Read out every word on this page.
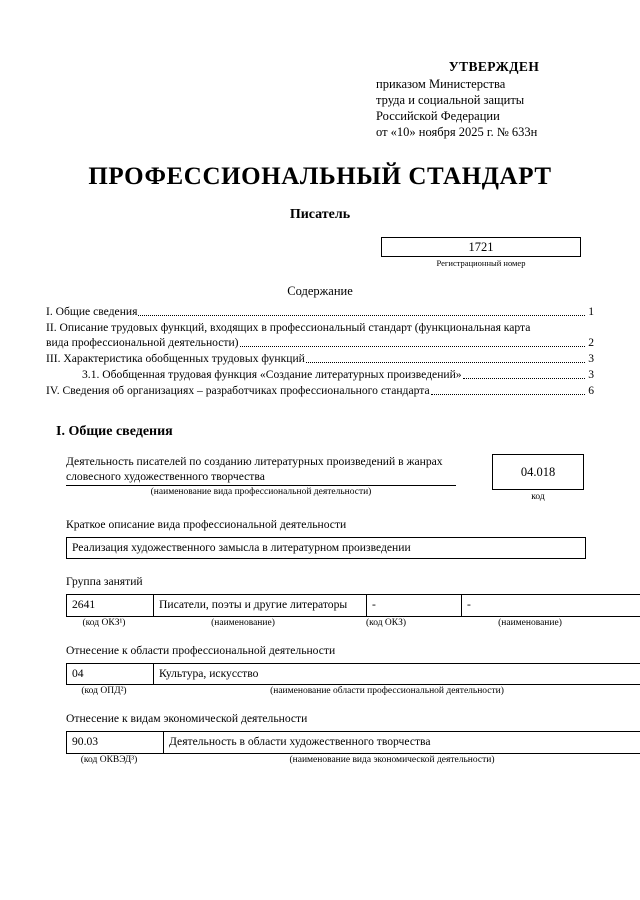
УТВЕРЖДЕН
приказом Министерства
труда и социальной защиты
Российской Федерации
от «10» ноября 2025 г. № 633н
ПРОФЕССИОНАЛЬНЫЙ СТАНДАРТ
Писатель
1721
Регистрационный номер
Содержание
I. Общие сведения	1
II. Описание трудовых функций, входящих в профессиональный стандарт (функциональная карта
вида профессиональной деятельности)	2
III. Характеристика обобщенных трудовых функций	3
3.1. Обобщенная трудовая функция «Создание литературных произведений»	3
IV. Сведения об организациях – разработчиках профессионального стандарта	6
I. Общие сведения
Деятельность писателей по созданию литературных произведений в жанрах словесного художественного творчества
(наименование вида профессиональной деятельности)
04.018
код
Краткое описание вида профессиональной деятельности
Реализация художественного замысла в литературном произведении
Группа занятий
2641	Писатели, поэты и другие литераторы	-	-
(код ОКЗ¹)	(наименование)	(код ОКЗ)	(наименование)
Отнесение к области профессиональной деятельности
04	Культура, искусство
(код ОПД²)	(наименование области профессиональной деятельности)
Отнесение к видам экономической деятельности
90.03	Деятельность в области художественного творчества
(код ОКВЭД³)	(наименование вида экономической деятельности)
